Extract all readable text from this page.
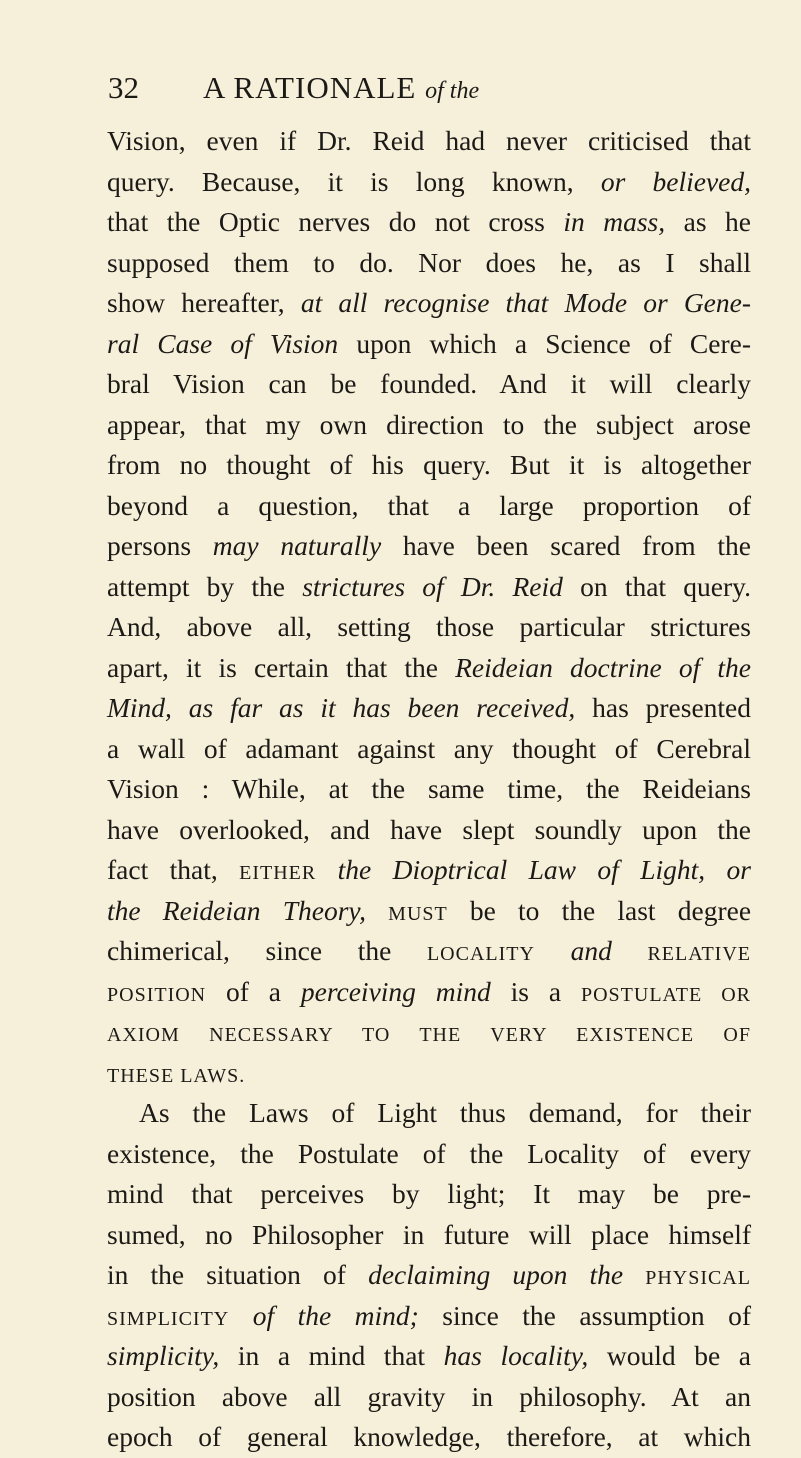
32 A RATIONALE of the
Vision, even if Dr. Reid had never criticised that
query. Because, it is long known, or believed,
that the Optic nerves do not cross in mass, as he
supposed them to do. Nor does he, as I shall
show hereafter, at all recognise that Mode or Gene-
ral Case of Vision upon which a Science of Cere-
bral Vision can be founded. And it will clearly
appear, that my own direction to the subject arose
from no thought of his query. But it is altogether
beyond a question, that a large proportion of
persons may naturally have been scared from the
attempt by the strictures of Dr. Reid on that query.
And, above all, setting those particular strictures
apart, it is certain that the Reideian doctrine of the
Mind, as far as it has been received, has presented
a wall of adamant against any thought of Cerebral
Vision : While, at the same time, the Reideians
have overlooked, and have slept soundly upon the
fact that, EITHER the Dioptrical Law of Light, or
the Reideian Theory, MUST be to the last degree
chimerical, since the LOCALITY and RELATIVE
POSITION of a perceiving mind is a POSTULATE OR
AXIOM NECESSARY TO THE VERY EXISTENCE OF
THESE LAWS.
As the Laws of Light thus demand, for their
existence, the Postulate of the Locality of every
mind that perceives by light; It may be pre-
sumed, no Philosopher in future will place himself
in the situation of declaiming upon the PHYSICAL
SIMPLICITY of the mind; since the assumption of
simplicity, in a mind that has locality, would be a
position above all gravity in philosophy. At an
epoch of general knowledge, therefore, at which
